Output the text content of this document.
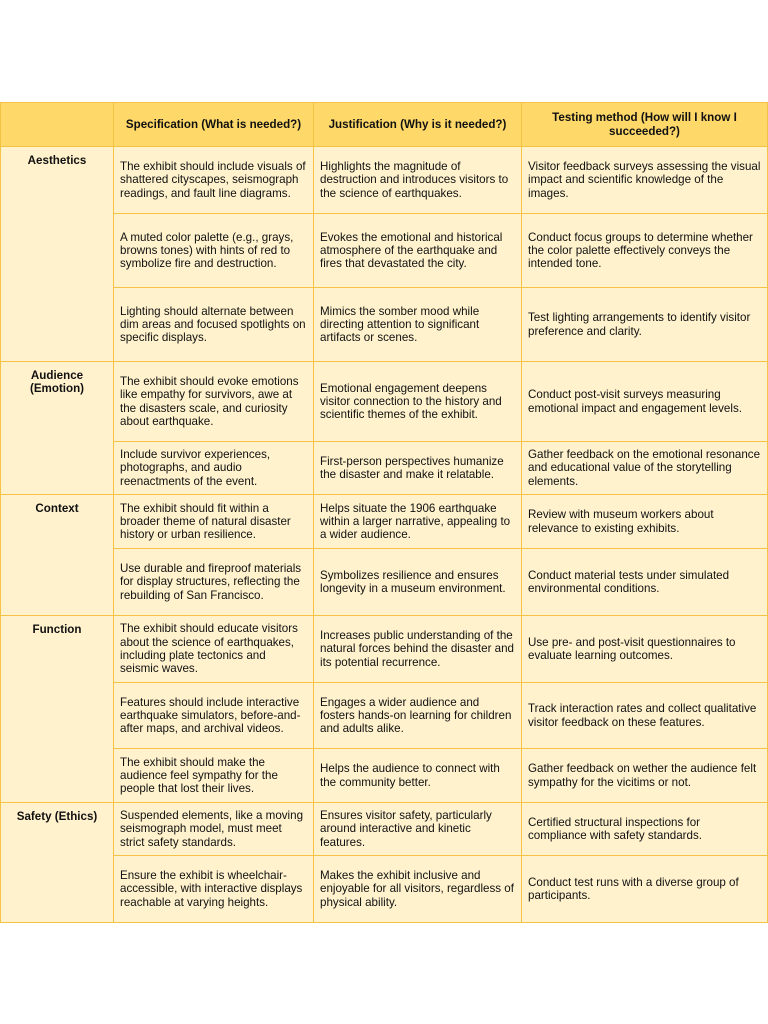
	Specification (What is needed?)	Justification (Why is it needed?)	Testing method (How will I know I succeeded?)
Aesthetics	The exhibit should include visuals of shattered cityscapes, seismograph readings, and fault line diagrams.	Highlights the magnitude of destruction and introduces visitors to the science of earthquakes.	Visitor feedback surveys assessing the visual impact and scientific knowledge of the images.
	A muted color palette (e.g., grays, browns tones) with hints of red to symbolize fire and destruction.	Evokes the emotional and historical atmosphere of the earthquake and fires that devastated the city.	Conduct focus groups to determine whether the color palette effectively conveys the intended tone.
	Lighting should alternate between dim areas and focused spotlights on specific displays.	Mimics the somber mood while directing attention to significant artifacts or scenes.	Test lighting arrangements to identify visitor preference and clarity.
Audience (Emotion)	The exhibit should evoke emotions like empathy for survivors, awe at the disasters scale, and curiosity about earthquake.	Emotional engagement deepens visitor connection to the history and scientific themes of the exhibit.	Conduct post-visit surveys measuring emotional impact and engagement levels.
	Include survivor experiences, photographs, and audio reenactments of the event.	First-person perspectives humanize the disaster and make it relatable.	Gather feedback on the emotional resonance and educational value of the storytelling elements.
Context	The exhibit should fit within a broader theme of natural disaster history or urban resilience.	Helps situate the 1906 earthquake within a larger narrative, appealing to a wider audience.	Review with museum workers about relevance to existing exhibits.
	Use durable and fireproof materials for display structures, reflecting the rebuilding of San Francisco.	Symbolizes resilience and ensures longevity in a museum environment.	Conduct material tests under simulated environmental conditions.
Function	The exhibit should educate visitors about the science of earthquakes, including plate tectonics and seismic waves.	Increases public understanding of the natural forces behind the disaster and its potential recurrence.	Use pre- and post-visit questionnaires to evaluate learning outcomes.
	Features should include interactive earthquake simulators, before-and-after maps, and archival videos.	Engages a wider audience and fosters hands-on learning for children and adults alike.	Track interaction rates and collect qualitative visitor feedback on these features.
	The exhibit should make the audience feel sympathy for the people that lost their lives.	Helps the audience to connect with the community better.	Gather feedback on wether the audience felt sympathy for the vicitims or not.
Safety (Ethics)	Suspended elements, like a moving seismograph model, must meet strict safety standards.	Ensures visitor safety, particularly around interactive and kinetic features.	Certified structural inspections for compliance with safety standards.
	Ensure the exhibit is wheelchair-accessible, with interactive displays reachable at varying heights.	Makes the exhibit inclusive and enjoyable for all visitors, regardless of physical ability.	Conduct test runs with a diverse group of participants.
